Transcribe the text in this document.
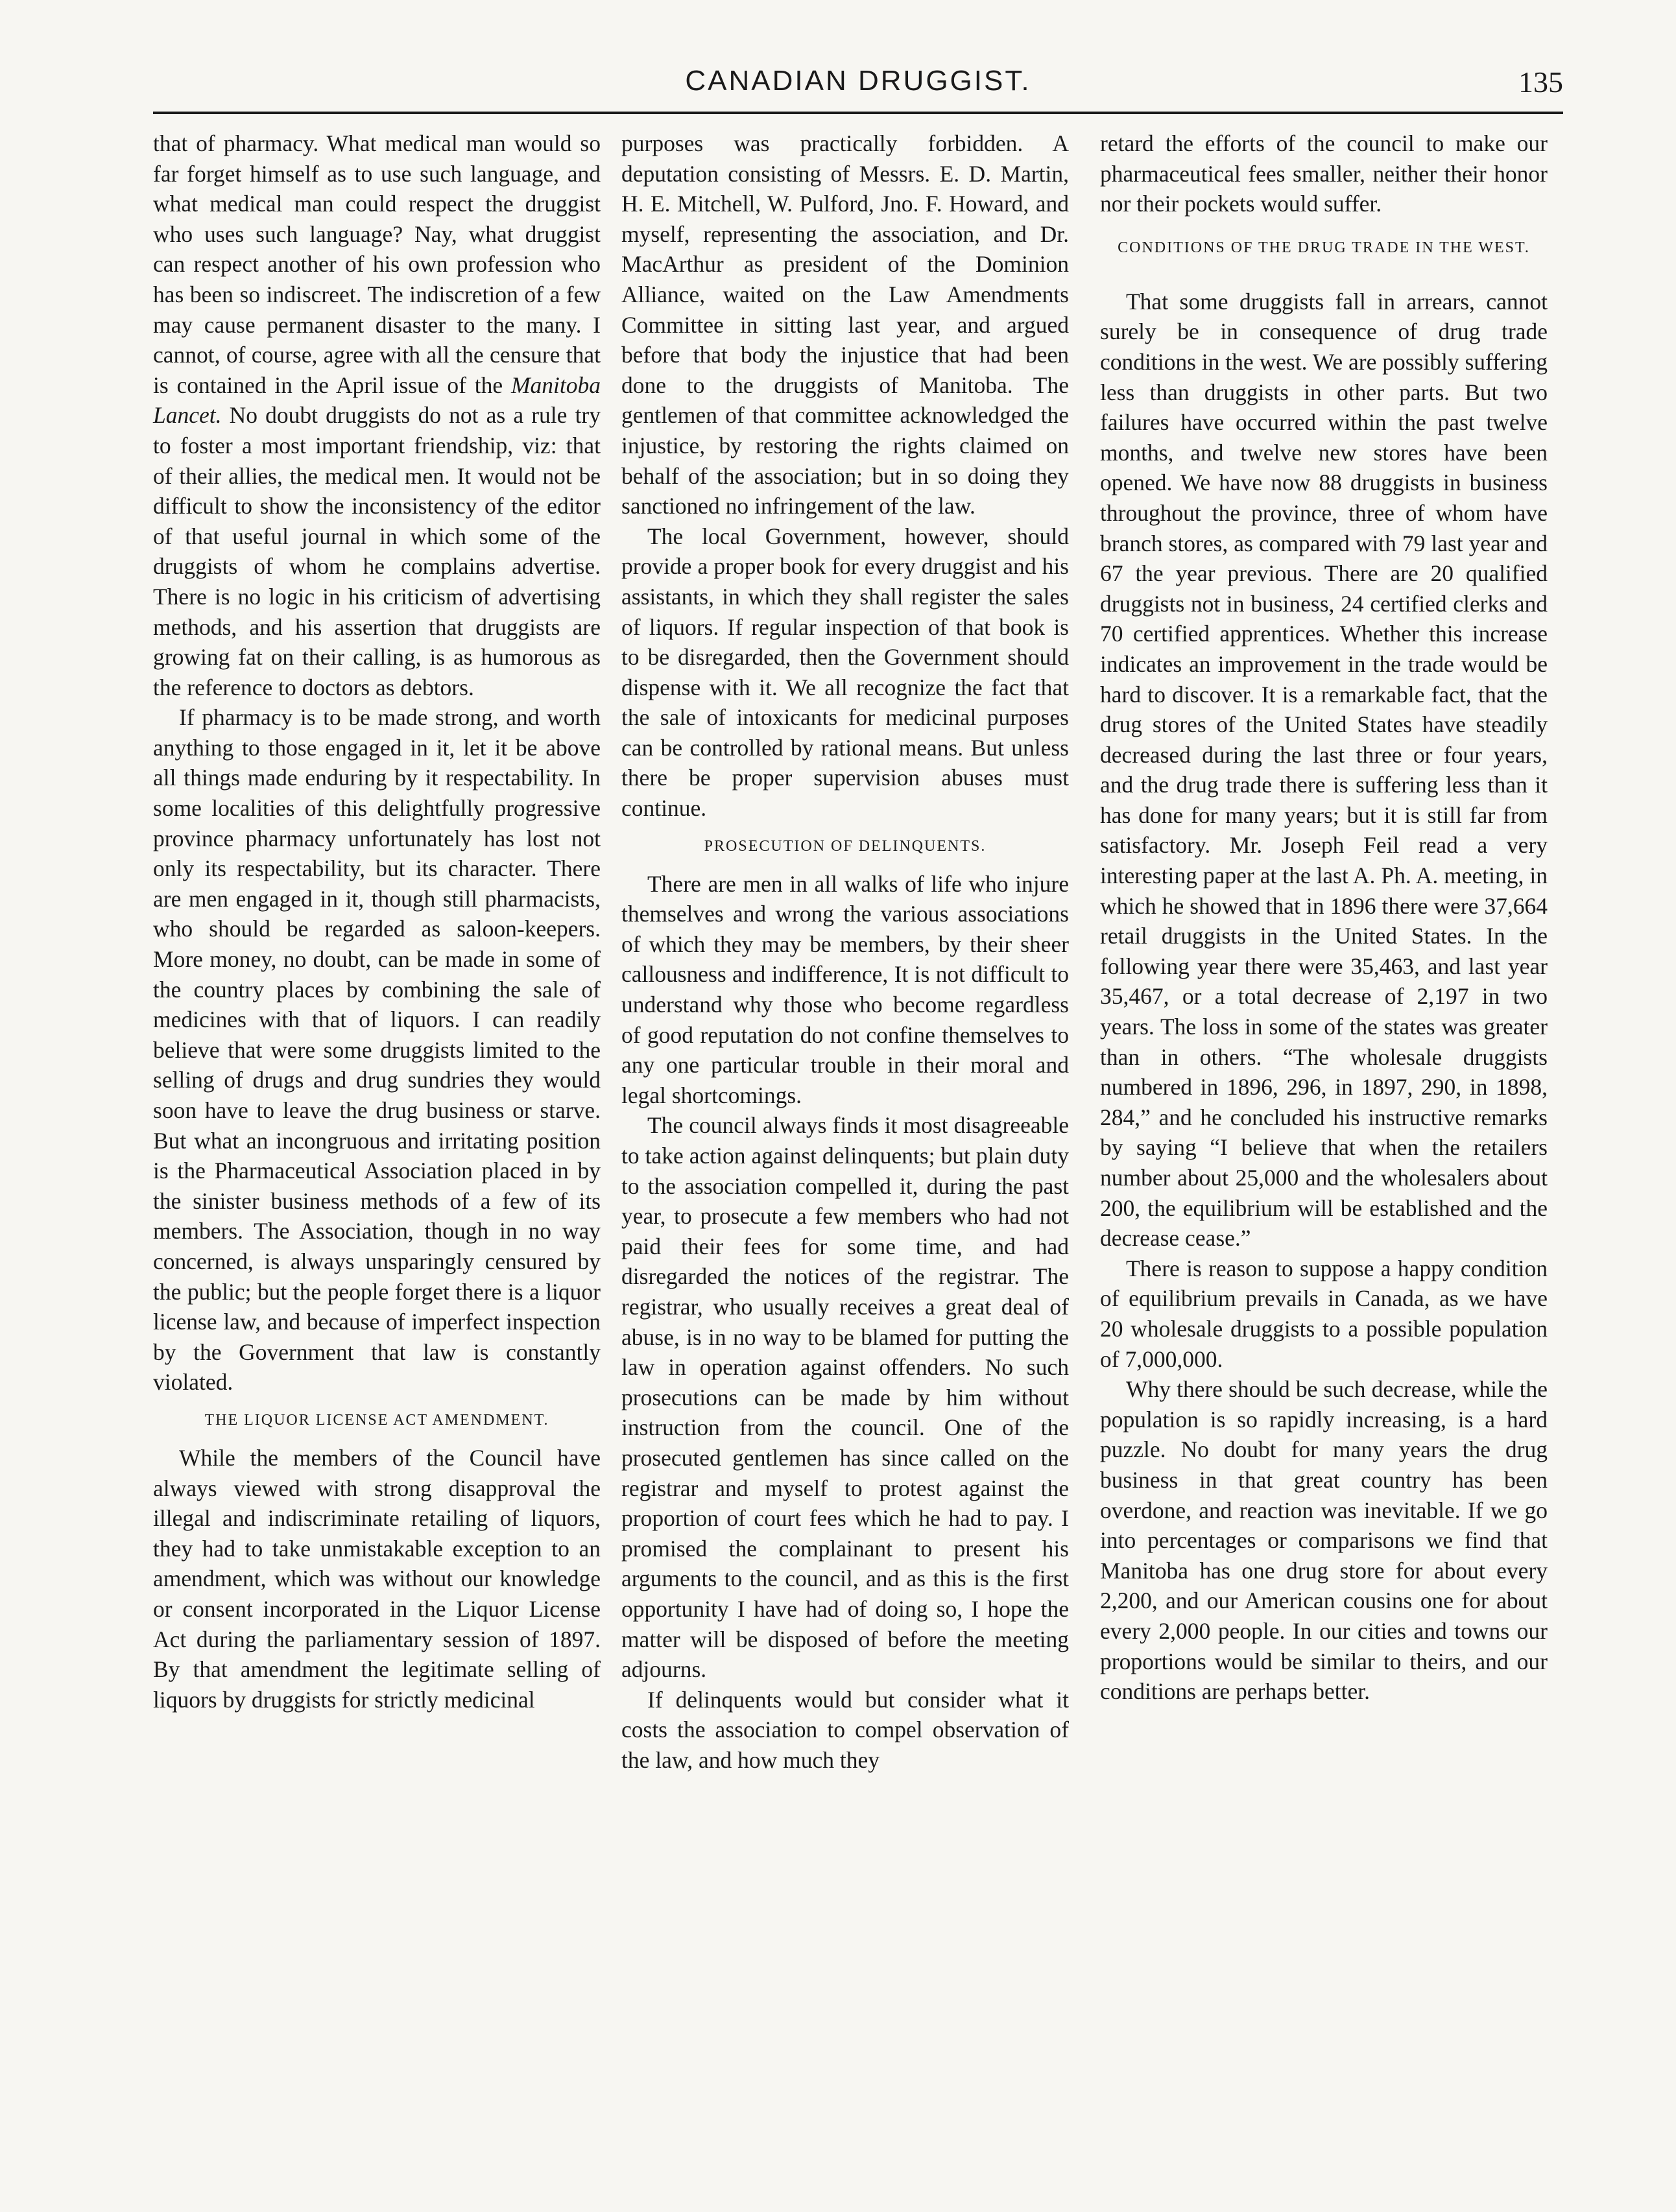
CANADIAN DRUGGIST.	135

that of pharmacy. What medical man would so far forget himself as to use such language, and what medical man could respect the druggist who uses such language? Nay, what druggist can respect another of his own profession who has been so indiscreet. The indiscretion of a few may cause permanent disaster to the many. I cannot, of course, agree with all the censure that is contained in the April issue of the Manitoba Lancet. No doubt druggists do not as a rule try to foster a most important friendship, viz: that of their allies, the medical men. It would not be difficult to show the inconsistency of the editor of that useful journal in which some of the druggists of whom he complains advertise. There is no logic in his criticism of advertising methods, and his assertion that druggists are growing fat on their calling, is as humorous as the reference to doctors as debtors.

If pharmacy is to be made strong, and worth anything to those engaged in it, let it be above all things made enduring by it respectability. In some localities of this delightfully progressive province pharmacy unfortunately has lost not only its respectability, but its character. There are men engaged in it, though still pharmacists, who should be regarded as saloon-keepers. More money, no doubt, can be made in some of the country places by combining the sale of medicines with that of liquors. I can readily believe that were some druggists limited to the selling of drugs and drug sundries they would soon have to leave the drug business or starve. But what an incongruous and irritating position is the Pharmaceutical Association placed in by the sinister business methods of a few of its members. The Association, though in no way concerned, is always unsparingly censured by the public; but the people forget there is a liquor license law, and because of imperfect inspection by the Government that law is constantly violated.

THE LIQUOR LICENSE ACT AMENDMENT.

While the members of the Council have always viewed with strong disapproval the illegal and indiscriminate retailing of liquors, they had to take unmistakable exception to an amendment, which was without our knowledge or consent incorporated in the Liquor License Act during the parliamentary session of 1897. By that amendment the legitimate selling of liquors by druggists for strictly medicinal

purposes was practically forbidden. A deputation consisting of Messrs. E. D. Martin, H. E. Mitchell, W. Pulford, Jno. F. Howard, and myself, representing the association, and Dr. MacArthur as president of the Dominion Alliance, waited on the Law Amendments Committee in sitting last year, and argued before that body the injustice that had been done to the druggists of Manitoba. The gentlemen of that committee acknowledged the injustice, by restoring the rights claimed on behalf of the association; but in so doing they sanctioned no infringement of the law.

The local Government, however, should provide a proper book for every druggist and his assistants, in which they shall register the sales of liquors. If regular inspection of that book is to be disregarded, then the Government should dispense with it. We all recognize the fact that the sale of intoxicants for medicinal purposes can be controlled by rational means. But unless there be proper supervision abuses must continue.

PROSECUTION OF DELINQUENTS.

There are men in all walks of life who injure themselves and wrong the various associations of which they may be members, by their sheer callousness and indifference, It is not difficult to understand why those who become regardless of good reputation do not confine themselves to any one particular trouble in their moral and legal shortcomings.

The council always finds it most disagreeable to take action against delinquents; but plain duty to the association compelled it, during the past year, to prosecute a few members who had not paid their fees for some time, and had disregarded the notices of the registrar. The registrar, who usually receives a great deal of abuse, is in no way to be blamed for putting the law in operation against offenders. No such prosecutions can be made by him without instruction from the council. One of the prosecuted gentlemen has since called on the registrar and myself to protest against the proportion of court fees which he had to pay. I promised the complainant to present his arguments to the council, and as this is the first opportunity I have had of doing so, I hope the matter will be disposed of before the meeting adjourns.

If delinquents would but consider what it costs the association to compel observation of the law, and how much they

retard the efforts of the council to make our pharmaceutical fees smaller, neither their honor nor their pockets would suffer.

CONDITIONS OF THE DRUG TRADE IN THE WEST.

That some druggists fall in arrears, cannot surely be in consequence of drug trade conditions in the west. We are possibly suffering less than druggists in other parts. But two failures have occurred within the past twelve months, and twelve new stores have been opened. We have now 88 druggists in business throughout the province, three of whom have branch stores, as compared with 79 last year and 67 the year previous. There are 20 qualified druggists not in business, 24 certified clerks and 70 certified apprentices. Whether this increase indicates an improvement in the trade would be hard to discover. It is a remarkable fact, that the drug stores of the United States have steadily decreased during the last three or four years, and the drug trade there is suffering less than it has done for many years; but it is still far from satisfactory. Mr. Joseph Feil read a very interesting paper at the last A. Ph. A. meeting, in which he showed that in 1896 there were 37,664 retail druggists in the United States. In the following year there were 35,463, and last year 35,467, or a total decrease of 2,197 in two years. The loss in some of the states was greater than in others. “The wholesale druggists numbered in 1896, 296, in 1897, 290, in 1898, 284,” and he concluded his instructive remarks by saying “I believe that when the retailers number about 25,000 and the wholesalers about 200, the equilibrium will be established and the decrease cease.”

There is reason to suppose a happy condition of equilibrium prevails in Canada, as we have 20 wholesale druggists to a possible population of 7,000,000.

Why there should be such decrease, while the population is so rapidly increasing, is a hard puzzle. No doubt for many years the drug business in that great country has been overdone, and reaction was inevitable. If we go into percentages or comparisons we find that Manitoba has one drug store for about every 2,200, and our American cousins one for about every 2,000 people. In our cities and towns our proportions would be similar to theirs, and our conditions are perhaps better.
